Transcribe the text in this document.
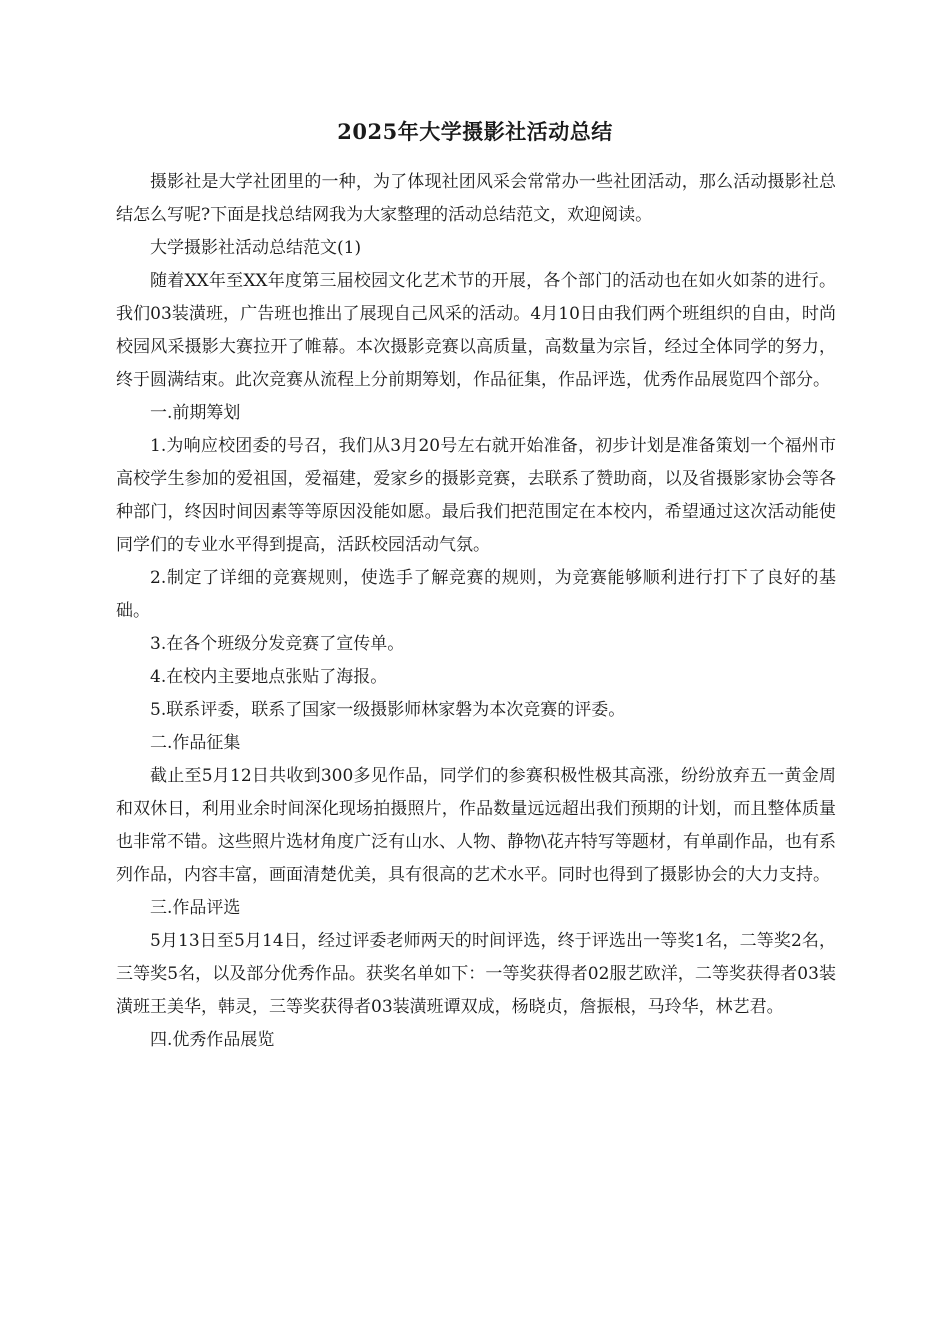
2025年大学摄影社活动总结

摄影社是大学社团里的一种，为了体现社团风采会常常办一些社团活动，那么活动摄影社总结怎么写呢?下面是找总结网我为大家整理的活动总结范文，欢迎阅读。

大学摄影社活动总结范文(1)

随着XX年至XX年度第三届校园文化艺术节的开展，各个部门的活动也在如火如荼的进行。我们03装潢班，广告班也推出了展现自己风采的活动。4月10日由我们两个班组织的自由，时尚校园风采摄影大赛拉开了帷幕。本次摄影竞赛以高质量，高数量为宗旨，经过全体同学的努力，终于圆满结束。此次竞赛从流程上分前期筹划，作品征集，作品评选，优秀作品展览四个部分。

一.前期筹划

1.为响应校团委的号召，我们从3月20号左右就开始准备，初步计划是准备策划一个福州市高校学生参加的爱祖国，爱福建，爱家乡的摄影竞赛，去联系了赞助商，以及省摄影家协会等各种部门，终因时间因素等等原因没能如愿。最后我们把范围定在本校内，希望通过这次活动能使同学们的专业水平得到提高，活跃校园活动气氛。

2.制定了详细的竞赛规则，使选手了解竞赛的规则，为竞赛能够顺利进行打下了良好的基础。

3.在各个班级分发竞赛了宣传单。

4.在校内主要地点张贴了海报。

5.联系评委，联系了国家一级摄影师林家磐为本次竞赛的评委。

二.作品征集

截止至5月12日共收到300多见作品，同学们的参赛积极性极其高涨，纷纷放弃五一黄金周和双休日，利用业余时间深化现场拍摄照片，作品数量远远超出我们预期的计划，而且整体质量也非常不错。这些照片选材角度广泛有山水、人物、静物\花卉特写等题材，有单副作品，也有系列作品，内容丰富，画面清楚优美，具有很高的艺术水平。同时也得到了摄影协会的大力支持。

三.作品评选

5月13日至5月14日，经过评委老师两天的时间评选，终于评选出一等奖1名，二等奖2名，三等奖5名，以及部分优秀作品。获奖名单如下：一等奖获得者02服艺欧洋，二等奖获得者03装潢班王美华，韩灵，三等奖获得者03装潢班谭双成，杨晓贞，詹振根，马玲华，林艺君。

四.优秀作品展览
